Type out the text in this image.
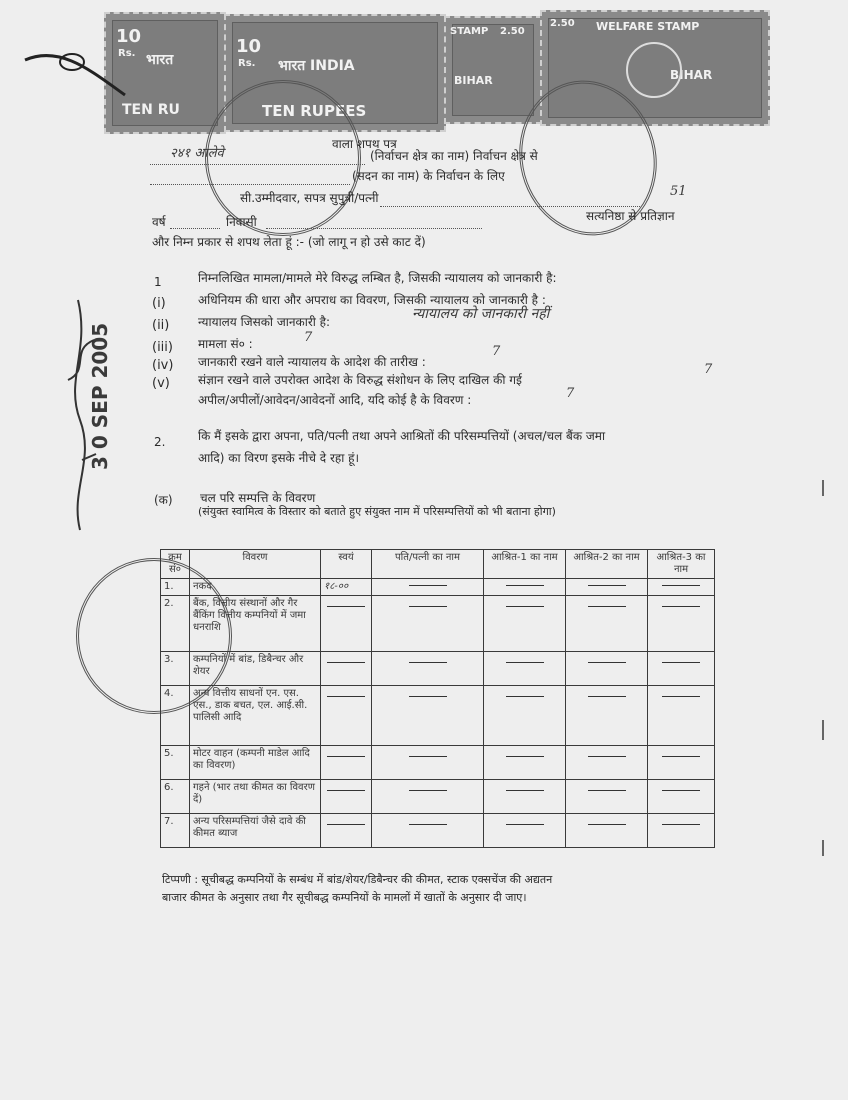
10
Rs. भारत
TEN RU
10
Rs. भारत INDIA
TEN RUPEES
STAMP 2.50
BIHAR
2.50 WELFARE STAMP
BIHAR
वाला शपथ पत्र
२४१ आलेवे	(निर्वाचन क्षेत्र का नाम) निर्वाचन क्षेत्र से
(सदन का नाम) के निर्वाचन के लिए
सी.उम्मीदवार, सपत्र सुपुत्री/पत्नी	51
वर्ष	निवासी	सत्यनिष्ठा से प्रतिज्ञान
और निम्न प्रकार से शपथ लेता हूं :- (जो लागू न हो उसे काट दें)
1	निम्नलिखित मामला/मामले मेरे विरुद्ध लम्बित है, जिसकी न्यायालय को जानकारी है:
(i)	अधिनियम की धारा और अपराध का विवरण, जिसकी न्यायालय को जानकारी है :
(ii) न्यायालय जिसको जानकारी है:	न्यायालय को जानकारी नहीं
(iii) मामला सं० :	7
(iv) जानकारी रखने वाले न्यायालय के आदेश की तारीख :
7
(v) संज्ञान रखने वाले उपरोक्त आदेश के विरुद्ध संशोधन के लिए दाखिल की गई
7
अपील/अपीलों/आवेदन/आवेदनों आदि, यदि कोई है के विवरण :	7
2.	कि मैं इसके द्वारा अपना, पति/पत्नी तथा अपने आश्रितों की परिसम्पत्तियों (अचल/चल बैंक जमा
आदि) का विरण इसके नीचे दे रहा हूं।
(क) चल परि सम्पत्ति के विवरण
(संयुक्त स्वामित्व के विस्तार को बताते हुए संयुक्त नाम में परिसम्पत्तियों को भी बताना होगा)
क्रम सं०	विवरण	स्वयं	पति/पत्नी का नाम	आश्रित-1 का नाम	आश्रित-2 का नाम	आश्रित-3 का नाम
1.	नकद	१८-००	

2.	बैंक, वित्तीय संस्थानों और गैर बैंकिंग वित्तीय कम्पनियों में जमा धनराशि	

3.	कम्पनियों में बांड, डिबैन्चर और शेयर	

4.	अन्य वित्तीय साधनों एन. एस. एस., डाक बचत, एल. आई.सी. पालिसी आदि	

5.	मोटर वाहन (कम्पनी माडेल आदि का विवरण)	

6.	गहने (भार तथा कीमत का विवरण दें)	

7.	अन्य परिसम्पत्तियां जैसे दावे की कीमत ब्याज	

टिप्पणी : सूचीबद्ध कम्पनियों के सम्बंध में बांड/शेयर/डिबैन्चर की कीमत, स्टाक एक्सचेंज की अद्यतन
बाजार कीमत के अनुसार तथा गैर सूचीबद्ध कम्पनियों के मामलों में खातों के अनुसार दी जाए।
3 0 SEP 2005
